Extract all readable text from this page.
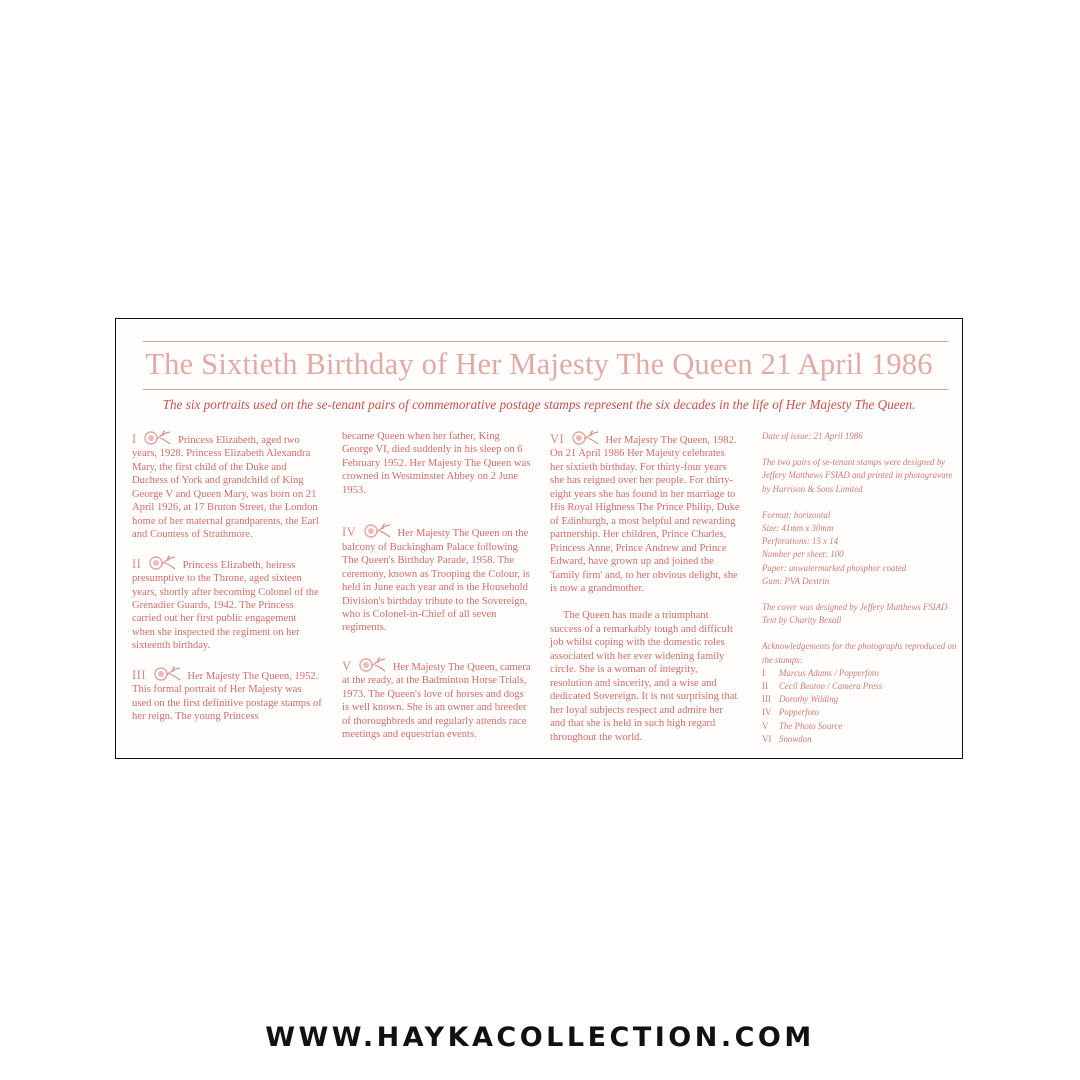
The Sixtieth Birthday of Her Majesty The Queen 21 April 1986
The six portraits used on the se-tenant pairs of commemorative postage stamps represent the six decades in the life of Her Majesty The Queen.

I	Princess Elizabeth, aged two years, 1928. Princess Elizabeth Alexandra Mary, the first child of the Duke and Duchess of York and grandchild of King George V and Queen Mary, was born on 21 April 1926, at 17 Bruton Street, the London home of her maternal grandparents, the Earl and Countess of Strathmore.

II	Princess Elizabeth, heiress presumptive to the Throne, aged sixteen years, shortly after becoming Colonel of the Grenadier Guards, 1942. The Princess carried out her first public engagement when she inspected the regiment on her sixteenth birthday.

III	Her Majesty The Queen, 1952. This formal portrait of Her Majesty was used on the first definitive postage stamps of her reign. The young Princess

became Queen when her father, King George VI, died suddenly in his sleep on 6 February 1952. Her Majesty The Queen was crowned in Westminster Abbey on 2 June 1953.

IV	Her Majesty The Queen on the balcony of Buckingham Palace following The Queen's Birthday Parade, 1958. The ceremony, known as Trooping the Colour, is held in June each year and is the Household Division's birthday tribute to the Sovereign, who is Colonel-in-Chief of all seven regiments.

V	Her Majesty The Queen, camera at the ready, at the Badminton Horse Trials, 1973. The Queen's love of horses and dogs is well known. She is an owner and breeder of thoroughbreds and regularly attends race meetings and equestrian events.

VI	Her Majesty The Queen, 1982. On 21 April 1986 Her Majesty celebrates her sixtieth birthday. For thirty-four years she has reigned over her people. For thirty-eight years she has found in her marriage to His Royal Highness The Prince Philip, Duke of Edinburgh, a most helpful and rewarding partnership. Her children, Prince Charles, Princess Anne, Prince Andrew and Prince Edward, have grown up and joined the 'family firm' and, to her obvious delight, she is now a grandmother.

The Queen has made a triumphant success of a remarkably tough and difficult job whilst coping with the domestic roles associated with her ever widening family circle. She is a woman of integrity, resolution and sincerity, and a wise and dedicated Sovereign. It is not surprising that her loyal subjects respect and admire her and that she is held in such high regard throughout the world.

Date of issue: 21 April 1986

The two pairs of se-tenant stamps were designed by Jeffery Matthews FSIAD and printed in photogravure by Harrison & Sons Limited

Format: horizontal

Size: 41mm x 30mm

Perforations: 15 x 14

Number per sheet: 100

Paper: unwatermarked phosphor coated

Gum: PVA Dextrin

The cover was designed by Jeffery Matthews FSIAD

Text by Charity Bexall

Acknowledgements for the photographs reproduced on the stamps:

I Marcus Adams / Popperfoto
II Cecil Beaton / Camera Press
III Dorothy Wilding
IV Popperfoto
V The Photo Source
VI Snowdon
WWW.HAYKACOLLECTION.COM
